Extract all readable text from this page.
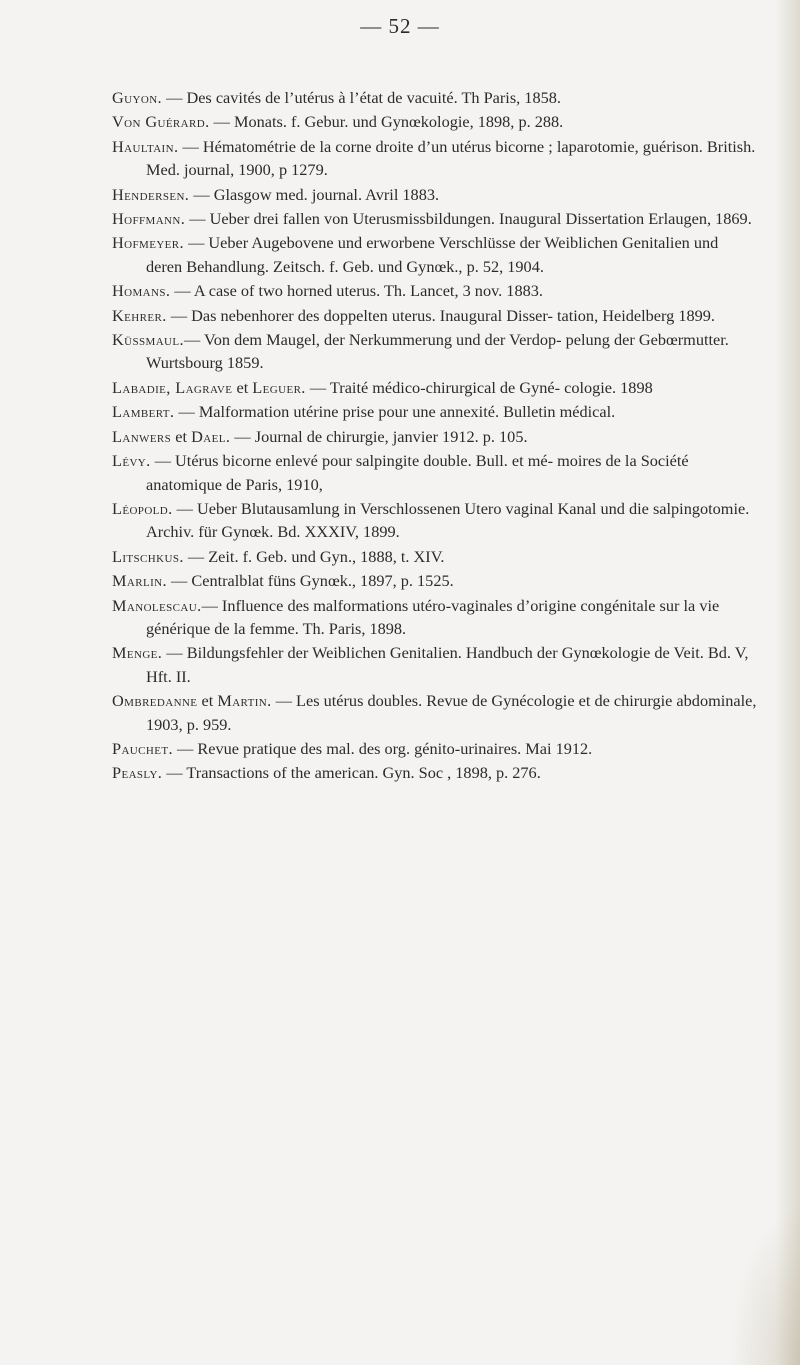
— 52 —
Guyon. — Des cavités de l’utérus à l’état de vacuité. Th Paris, 1858.
Von Guérard. — Monats. f. Gebur. und Gynœkologie, 1898, p. 288.
Haultain. — Hématométrie de la corne droite d’un utérus bicorne ; laparotomie, guérison. British. Med. journal, 1900, p 1279.
Hendersen. — Glasgow med. journal. Avril 1883.
Hoffmann. — Ueber drei fallen von Uterusmissbildungen. Inaugural Dissertation Erlaugen, 1869.
Hofmeyer. — Ueber Augebovene und erworbene Verschlüsse der Weiblichen Genitalien und deren Behandlung. Zeitsch. f. Geb. und Gynœk., p. 52, 1904.
Homans. — A case of two horned uterus. Th. Lancet, 3 nov. 1883.
Kehrer. — Das nebenhorer des doppelten uterus. Inaugural Disser- tation, Heidelberg 1899.
Küssmaul.— Von dem Maugel, der Nerkummerung und der Verdop- pelung der Gebœrmutter. Wurtsbourg 1859.
Labadie, Lagrave et Leguer. — Traité médico-chirurgical de Gyné- cologie. 1898
Lambert. — Malformation utérine prise pour une annexité. Bulletin médical.
Lanwers et Dael. — Journal de chirurgie, janvier 1912. p. 105.
Lévy. — Utérus bicorne enlevé pour salpingite double. Bull. et mé- moires de la Société anatomique de Paris, 1910,
Léopold. — Ueber Blutausamlung in Verschlossenen Utero vaginal Kanal und die salpingotomie. Archiv. für Gynœk. Bd. XXXIV, 1899.
Litschkus. — Zeit. f. Geb. und Gyn., 1888, t. XIV.
Marlin. — Centralblat füns Gynœk., 1897, p. 1525.
Manolescau.— Influence des malformations utéro-vaginales d’origine congénitale sur la vie générique de la femme. Th. Paris, 1898.
Menge. — Bildungsfehler der Weiblichen Genitalien. Handbuch der Gynœkologie de Veit. Bd. V, Hft. II.
Ombredanne et Martin. — Les utérus doubles. Revue de Gynécologie et de chirurgie abdominale, 1903, p. 959.
Pauchet. — Revue pratique des mal. des org. génito-urinaires. Mai 1912.
Peasly. — Transactions of the american. Gyn. Soc , 1898, p. 276.
